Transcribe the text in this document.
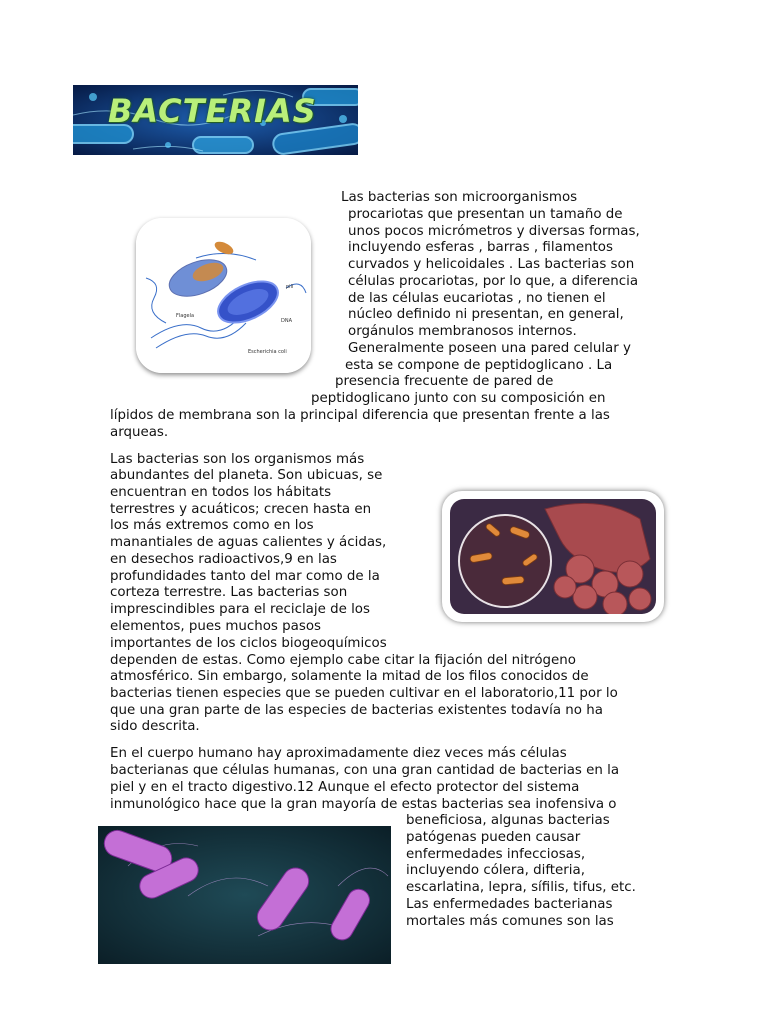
BACTERIAS
Flagela
Escherichia coli
pili
DNA
Las bacterias son microorganismos
procariotas que presentan un tamaño de
unos pocos micrómetros y diversas formas,
incluyendo esferas , barras , filamentos
curvados y helicoidales . Las bacterias son
células procariotas, por lo que, a diferencia
de las células eucariotas , no tienen el
núcleo definido ni presentan, en general,
orgánulos membranosos internos.
Generalmente poseen una pared celular y
esta se compone de peptidoglicano . La
presencia frecuente de pared de
peptidoglicano junto con su composición en
lípidos de membrana son la principal diferencia que presentan frente a las
arqueas.
Las bacterias son los organismos más
abundantes del planeta. Son ubicuas, se
encuentran en todos los hábitats
terrestres y acuáticos; crecen hasta en
los más extremos como en los
manantiales de aguas calientes y ácidas,
en desechos radioactivos,9 en las
profundidades tanto del mar como de la
corteza terrestre. Las bacterias son
imprescindibles para el reciclaje de los
elementos, pues muchos pasos
importantes de los ciclos biogeoquímicos
dependen de estas. Como ejemplo cabe citar la fijación del nitrógeno
atmosférico. Sin embargo, solamente la mitad de los filos conocidos de
bacterias tienen especies que se pueden cultivar en el laboratorio,11 por lo
que una gran parte de las especies de bacterias existentes todavía no ha
sido descrita.
En el cuerpo humano hay aproximadamente diez veces más células
bacterianas que células humanas, con una gran cantidad de bacterias en la
piel y en el tracto digestivo.12 Aunque el efecto protector del sistema
inmunológico hace que la gran mayoría de estas bacterias sea inofensiva o
beneficiosa, algunas bacterias
patógenas pueden causar
enfermedades infecciosas,
incluyendo cólera, difteria,
escarlatina, lepra, sífilis, tifus, etc.
Las enfermedades bacterianas
mortales más comunes son las
